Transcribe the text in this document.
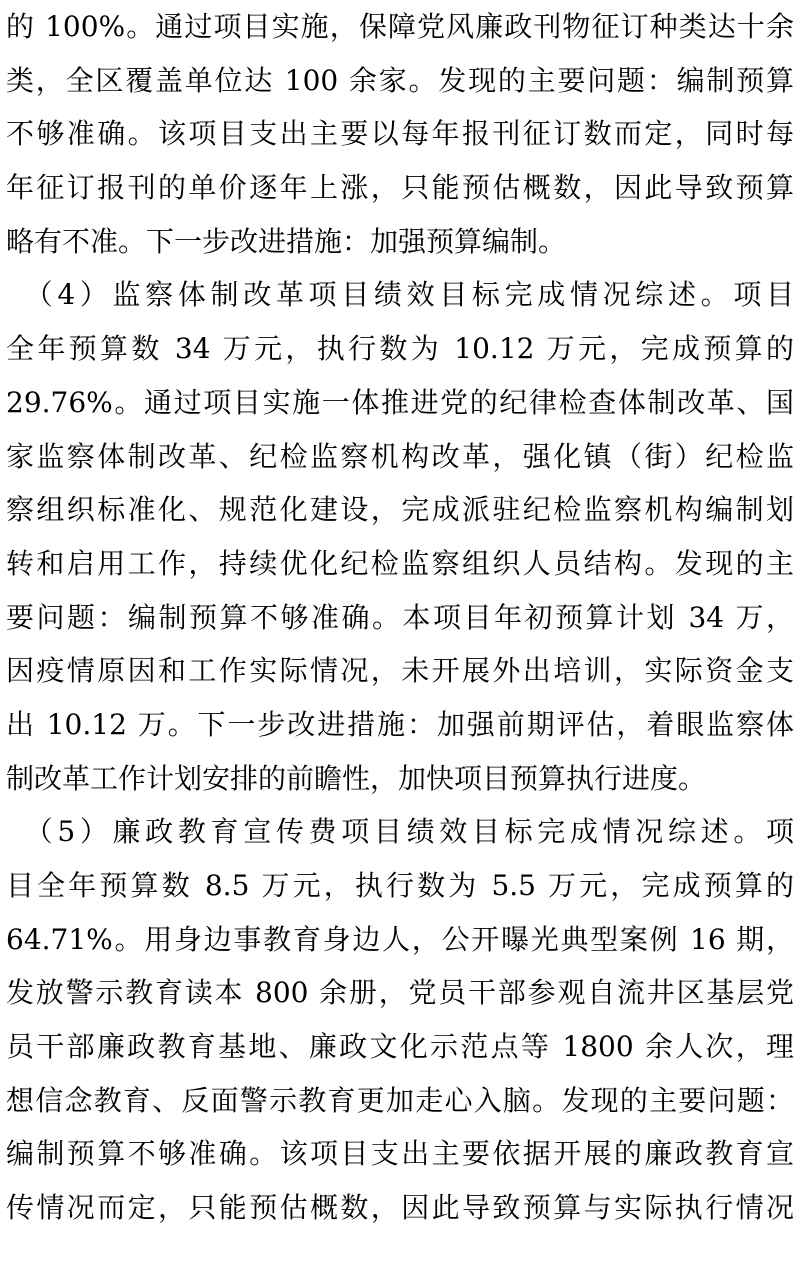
的 100%。通过项目实施，保障党风廉政刊物征订种类达十余
类，全区覆盖单位达 100 余家。发现的主要问题：编制预算
不够准确。该项目支出主要以每年报刊征订数而定，同时每
年征订报刊的单价逐年上涨，只能预估概数，因此导致预算
略有不准。下一步改进措施：加强预算编制。
　（4）监察体制改革项目绩效目标完成情况综述。项目
全年预算数 34 万元，执行数为 10.12 万元，完成预算的
29.76%。通过项目实施一体推进党的纪律检查体制改革、国
家监察体制改革、纪检监察机构改革，强化镇（街）纪检监
察组织标准化、规范化建设，完成派驻纪检监察机构编制划
转和启用工作，持续优化纪检监察组织人员结构。发现的主
要问题：编制预算不够准确。本项目年初预算计划 34 万，
因疫情原因和工作实际情况，未开展外出培训，实际资金支
出 10.12 万。下一步改进措施：加强前期评估，着眼监察体
制改革工作计划安排的前瞻性，加快项目预算执行进度。
　（5）廉政教育宣传费项目绩效目标完成情况综述。项
目全年预算数 8.5 万元，执行数为 5.5 万元，完成预算的
64.71%。用身边事教育身边人，公开曝光典型案例 16 期，
发放警示教育读本 800 余册，党员干部参观自流井区基层党
员干部廉政教育基地、廉政文化示范点等 1800 余人次，理
想信念教育、反面警示教育更加走心入脑。发现的主要问题：
编制预算不够准确。该项目支出主要依据开展的廉政教育宣
传情况而定，只能预估概数，因此导致预算与实际执行情况
